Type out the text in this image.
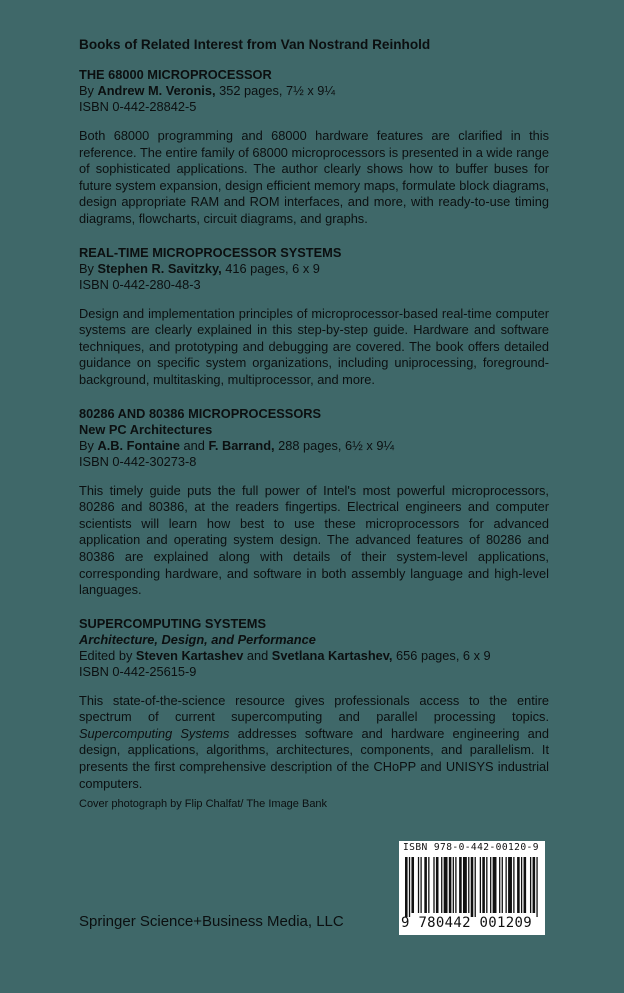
Books of Related Interest from Van Nostrand Reinhold
THE 68000 MICROPROCESSOR
By Andrew M. Veronis, 352 pages, 7½ x 9¼
ISBN 0-442-28842-5
Both 68000 programming and 68000 hardware features are clarified in this reference. The entire family of 68000 microprocessors is presented in a wide range of sophisticated applications. The author clearly shows how to buffer buses for future system expansion, design efficient memory maps, formulate block diagrams, design appropriate RAM and ROM interfaces, and more, with ready-to-use timing diagrams, flowcharts, circuit diagrams, and graphs.
REAL-TIME MICROPROCESSOR SYSTEMS
By Stephen R. Savitzky, 416 pages, 6 x 9
ISBN 0-442-280-48-3
Design and implementation principles of microprocessor-based real-time computer systems are clearly explained in this step-by-step guide. Hardware and software techniques, and prototyping and debugging are covered. The book offers detailed guidance on specific system organizations, including uniprocessing, foreground-background, multitasking, multiprocessor, and more.
80286 AND 80386 MICROPROCESSORS
New PC Architectures
By A.B. Fontaine and F. Barrand, 288 pages, 6½ x 9¼
ISBN 0-442-30273-8
This timely guide puts the full power of Intel's most powerful microprocessors, 80286 and 80386, at the readers fingertips. Electrical engineers and computer scientists will learn how best to use these microprocessors for advanced application and operating system design. The advanced features of 80286 and 80386 are explained along with details of their system-level applications, corresponding hardware, and software in both assembly language and high-level languages.
SUPERCOMPUTING SYSTEMS
Architecture, Design, and Performance
Edited by Steven Kartashev and Svetlana Kartashev, 656 pages, 6 x 9
ISBN 0-442-25615-9
This state-of-the-science resource gives professionals access to the entire spectrum of current supercomputing and parallel processing topics. Supercomputing Systems addresses software and hardware engineering and design, applications, algorithms, architectures, components, and parallelism. It presents the first comprehensive description of the CHoPP and UNISYS industrial computers.
Cover photograph by Flip Chalfat/ The Image Bank
ISBN 978-0-442-00120-9
9 780442 001209
Springer Science+Business Media, LLC
